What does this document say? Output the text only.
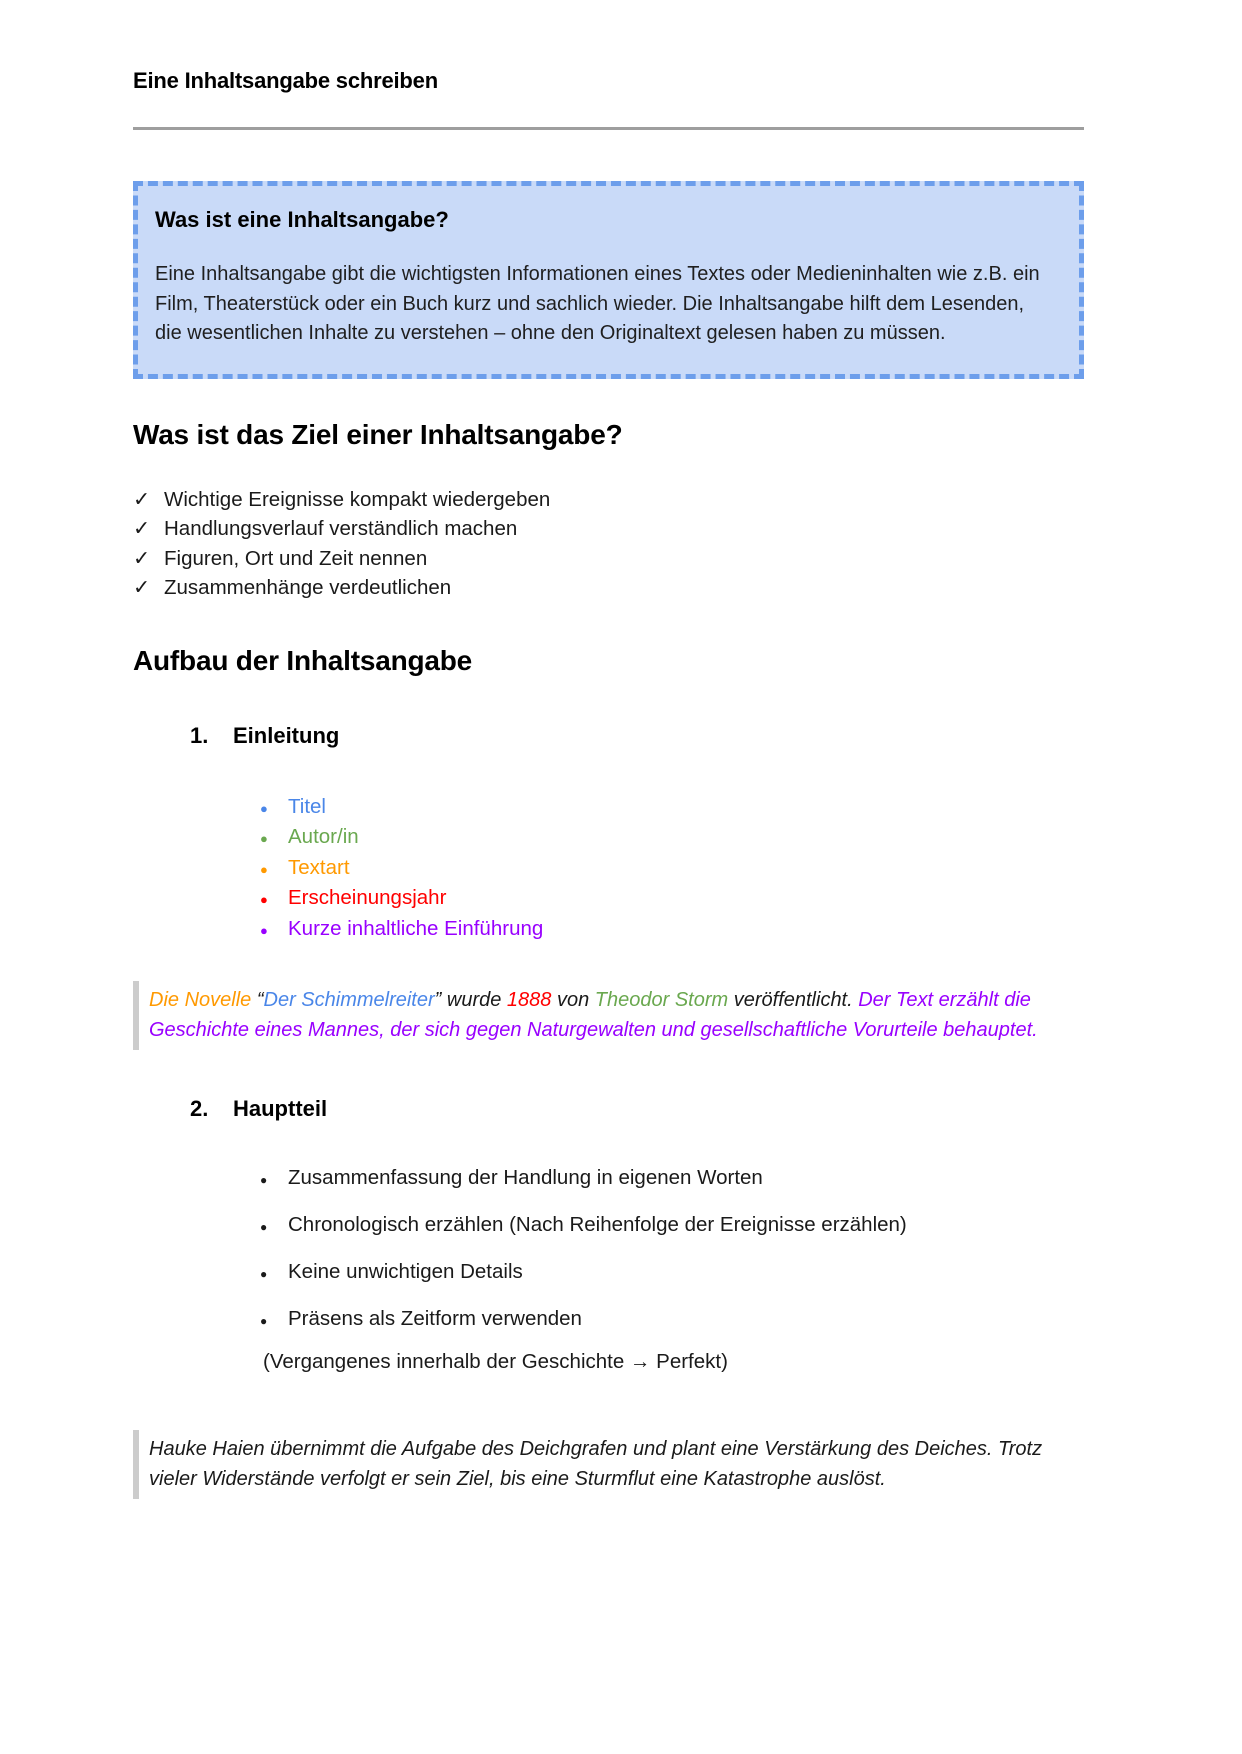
Eine Inhaltsangabe schreiben
Was ist eine Inhaltsangabe?
Eine Inhaltsangabe gibt die wichtigsten Informationen eines Textes oder Medieninhalten wie z.B. ein Film, Theaterstück oder ein Buch kurz und sachlich wieder. Die Inhaltsangabe hilft dem Lesenden, die wesentlichen Inhalte zu verstehen – ohne den Originaltext gelesen haben zu müssen.
Was ist das Ziel einer Inhaltsangabe?
✓ Wichtige Ereignisse kompakt wiedergeben
✓ Handlungsverlauf verständlich machen
✓ Figuren, Ort und Zeit nennen
✓ Zusammenhänge verdeutlichen
Aufbau der Inhaltsangabe
1.	Einleitung
● Titel
● Autor/in
● Textart
● Erscheinungsjahr
● Kurze inhaltliche Einführung
Die Novelle “Der Schimmelreiter” wurde 1888 von Theodor Storm veröffentlicht. Der Text erzählt die Geschichte eines Mannes, der sich gegen Naturgewalten und gesellschaftliche Vorurteile behauptet.
2.	Hauptteil
●	Zusammenfassung der Handlung in eigenen Worten
●	Chronologisch erzählen (Nach Reihenfolge der Ereignisse erzählen)
●	Keine unwichtigen Details
●	Präsens als Zeitform verwenden
(Vergangenes innerhalb der Geschichte → Perfekt)
Hauke Haien übernimmt die Aufgabe des Deichgrafen und plant eine Verstärkung des Deiches. Trotz vieler Widerstände verfolgt er sein Ziel, bis eine Sturmflut eine Katastrophe auslöst.
